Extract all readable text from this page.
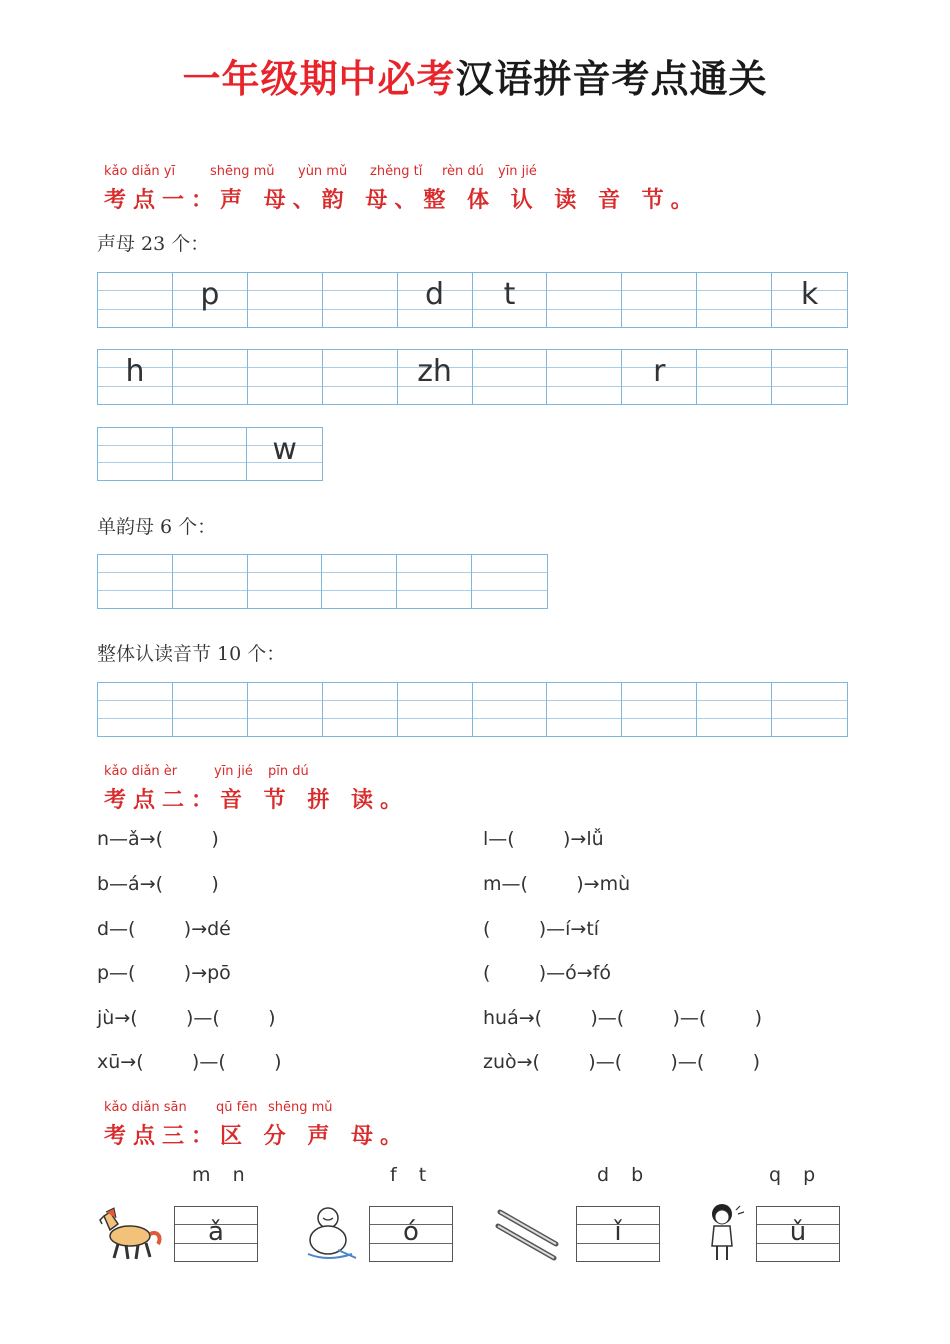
一年级期中必考汉语拼音考点通关
kǎo diǎn yī	shēng mǔ yùn mǔ zhěng tǐ rèn dú yīn jié
考点一：声 母、韵 母、整 体 认 读 音 节。
声母 23 个：
p	d	t	k
h	zh	r
w
单韵母 6 个：
整体认读音节 10 个：
kǎo diǎn èr	yīn jié pīn dú
考点二：音 节 拼 读。
n—ǎ→(        )
b—á→(        )
d—(        )→dé
p—(        )→pō
jù→(        )—(        )
xū→(        )—(        )
l—(        )→lǚ
m—(        )→mù
(        )—í→tí
(        )—ó→fó
huá→(        )—(        )—(        )
zuò→(        )—(        )—(        )
kǎo diǎn sān qū fēn shēng mǔ
考点三：区 分 声 母。
m   n
ǎ
f   t
ó
d   b
ǐ
q   p
ǔ
